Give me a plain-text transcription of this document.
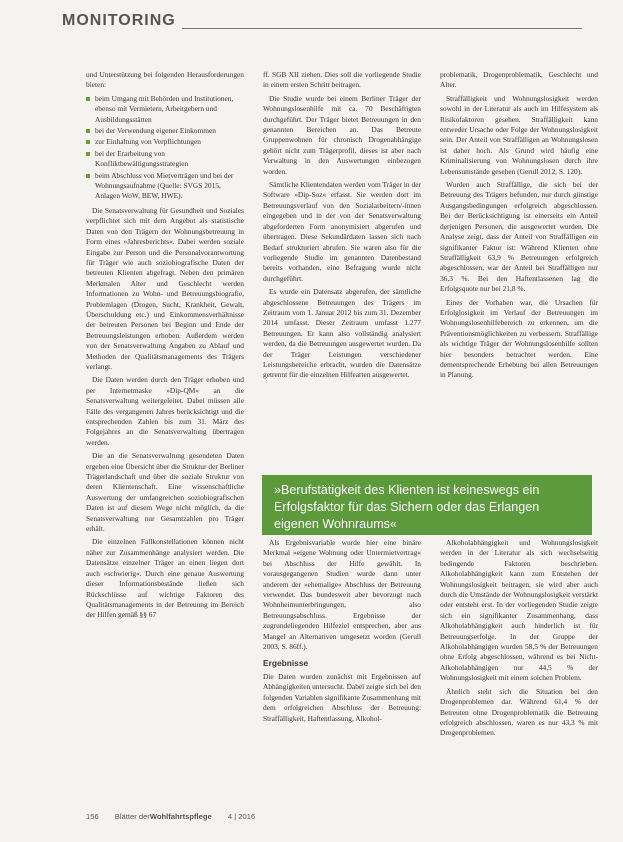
MONITORING

und Unterstützung bei folgenden Herausforderungen bieten:

beim Umgang mit Behörden und Institutionen, ebenso mit Vermietern, Arbeitgebern und Ausbildungsstätten
bei der Verwendung eigener Einkommen
zur Einhaltung von Verpflichtungen
bei der Erarbeitung von Konfliktbewältigungsstrategien
beim Abschluss von Mietverträgen und bei der Wohnungsaufnahme (Quelle: SVGS 2015, Anlagen WoW, BEW, HWE).

Die Senatsverwaltung für Gesundheit und Soziales verpflichtet sich mit dem Angebot als statistische Daten von den Trägern der Wohnungsbetreuung in Form eines »Jahresberichts«. Dabei werden soziale Eingabe zur Person und die Personalvorantwortung für Träger wie auch soziobiografische Daten der betreuten Klienten abgefragt. Neben den primären Merkmalen Alter und Geschlecht werden Informationen zu Wohn- und Betreuungsbiografie, Problemlagen (Drogen, Sucht, Krankheit, Gewalt, Überschuldung etc.) und Einkommensverhältnisse der betreuten Personen bei Beginn und Ende der Betreuungsleistungen erhoben. Außerdem werden von der Senatsverwaltung Angaben zu Ablauf und Methoden der Qualitätsmanagements des Trägers verlangt.

Die Daten werden durch den Träger erhoben und per Internetmaske »Dip-QM« an die Senatsverwaltung weitergeleitet. Dabei müssen alle Fälle des vergangenen Jahres berücksichtigt und die entsprechenden Zahlen bis zum 31. März des Folgejahres an die Senatsverwaltung übertragen werden.

Die an die Senatsverwaltung gesendeten Daten ergeben eine Übersicht über die Struktur der Berliner Trägerlandschaft und über die soziale Struktur von deren Klientenschaft. Eine wissenschaftliche Auswertung der umfangreichen soziobiografischen Daten ist auf diesem Wege nicht möglich, da die Senatsverwaltung nur Gesamtzahlen pro Träger erhält.

Die einzelnen Fallkonstellationen können nicht näher zur Zusammenhänge analysiert werden. Die Datensätze einzelner Träger an einen liegen dort auch »schwierig«. Durch eine genaue Auswertung dieser Informationsbestände ließen sich Rückschlüsse auf wichtige Faktoren des Qualitätsmanagements in der Betreuung im Bereich der Hilfen gemäß §§ 67

ff. SGB XII ziehen. Dies soll die vorliegende Studie in einem ersten Schritt beitragen.

Die Studie wurde bei einem Berliner Träger der Wohnungslosenhilfe mit ca. 70 Beschäftigten durchgeführt. Der Träger bietet Betreuungen in den genannten Bereichen an. Das Betreute Gruppenwohnen für chronisch Drogenabhängige gehört nicht zum Trägerprofil, dieses ist aber nach Verwaltung in den Auswertungen einbezogen worden.

Sämtliche Klientendaten werden vom Träger in der Software »Dip-Soz« erfasst. Sie werden dort im Betreuungsverlauf von den Sozialarbeitern/-innen eingegeben und in der von der Senatsverwaltung abgeforderten Form anonymisiert abgerufen und übertragen. Diese Sekundärdaten lassen sich nach Bedarf strukturiert abrufen. Sie waren also für die vorliegende Studie im genannten Datenbestand bereits vorhanden, eine Befragung wurde nicht durchgeführt.

Es wurde ein Datensatz abgerufen, der sämtliche abgeschlossene Betreuungen des Trägers im Zeitraum vom 1. Januar 2012 bis zum 31. Dezember 2014 umfasst. Dieser Zeitraum umfasst 1.277 Betreuungen. Er kann also vollständig analysiert werden, da die Betreuungen ausgewertet wurden. Da der Träger Leistungen verschiedener Leistungsbereiche erbracht, wurden die Datensätze getrennt für die einzelnen Hilfearten ausgewertet.

problematik, Drogenproblematik, Geschlecht und Alter.

Straffälligkeit und Wohnungslosigkeit werden sowohl in der Literatur als auch im Hilfesystem als Risikofaktoren gesehen. Straffälligkeit kann entweder Ursache oder Folge der Wohnungslosigkeit sein. Der Anteil von Straffälligen an Wohnungslosen ist daher hoch. Als Grund wird häufig eine Kriminalisierung von Wohnungslosen durch ihre Lebensumstände gesehen (Gerull 2012, S. 120).

Wurden auch Straffällige, die sich bei der Betreuung des Trägers befunden, nur durch günstige Ausgangsbedingungen erfolgreich abgeschlossen. Bei der Berücksichtigung ist einerseits ein Anteil derjenigen Personen, die ausgewertet wurden. Die Analyse zeigt, dass der Anteil von Straffälligen ein signifikanter Faktor ist: Während Klienten ohne Straffälligkeit 63,9 % Betreuungen erfolgreich abgeschlossen, war der Anteil bei Straffälligen nur 36,3 %. Bei den Haftentlassenen lag die Erfolgsquote nur bei 21,8 %.

Eines der Vorhaben war, die Ursachen für Erfolglosigkeit im Verlauf der Betreuungen im Wohnungslosenhilfebereich zu erkennen, um die Präventionsmöglichkeiten zu verbessern. Straffällige als wichtige Träger der Wohnungslosenhilfe sollten hier besonders betrachtet werden. Eine dementsprechende Erhebung bei allen Betreuungen in Planung.

»Berufstätigkeit des Klienten ist keineswegs ein Erfolgsfaktor für das Sichern oder das Erlangen eigenen Wohnraums«

Als Ergebnisvariable wurde hier eine binäre Merkmal »eigene Wohnung oder Untermietvertrag« bei Abschluss der Hilfe gewählt. In vorausgegangenen Studien wurde dann unter anderem der »ehemalige« Abschluss der Betreuung verwendet. Das bundesweit aber bevorzugt nach Wohnheimunterbringungen, also Betreuungsabschluss. Ergebnisse der zugrundeliegenden Hilfeziel entsprechen, aber aus Mangel an Alternativen umgesetzt worden (Gerull 2003, S. 86ff.).

Ergebnisse

Die Daten wurden zunächst mit Ergebnissen auf Abhängigkeiten untersucht. Dabei zeigte sich bei den folgenden Variablen signifikante Zusammenhang mit dem erfolgreichen Abschluss der Betreuung: Straffälligkeit, Haftentlassung, Alkohol-

Alkoholabhängigkeit und Wohnungslosigkeit werden in der Literatur als sich wechselseitig bedingende Faktoren beschrieben. Alkoholabhängigkeit kann zum Entstehen der Wohnungslosigkeit beitragen, sie wird aber auch durch die Umstände der Wohnungslosigkeit verstärkt oder entsteht erst. In der vorliegenden Studie zeigte sich ein signifikanter Zusammenhang, dass Alkoholabhängigkeit auch hinderlich ist für Betreuungserfolge. In der Gruppe der Alkoholabhängigen wurden 58,5 % der Betreuungen ohne Erfolg abgeschlossen, während es bei Nicht-Alkoholabhängigen nur 44,5 % der Wohnungslosigkeit mit einem solchen Problem.

Ähnlich steht sich die Situation bei den Drogenproblemen dar. Während 61,4 % der Betreuten ohne Drogenproblematik die Betreuung erfolgreich abschlossen, waren es nur 43,3 % mit Drogenproblemen.

156 Blätter derWohlfahrtspflege 4 | 2016
